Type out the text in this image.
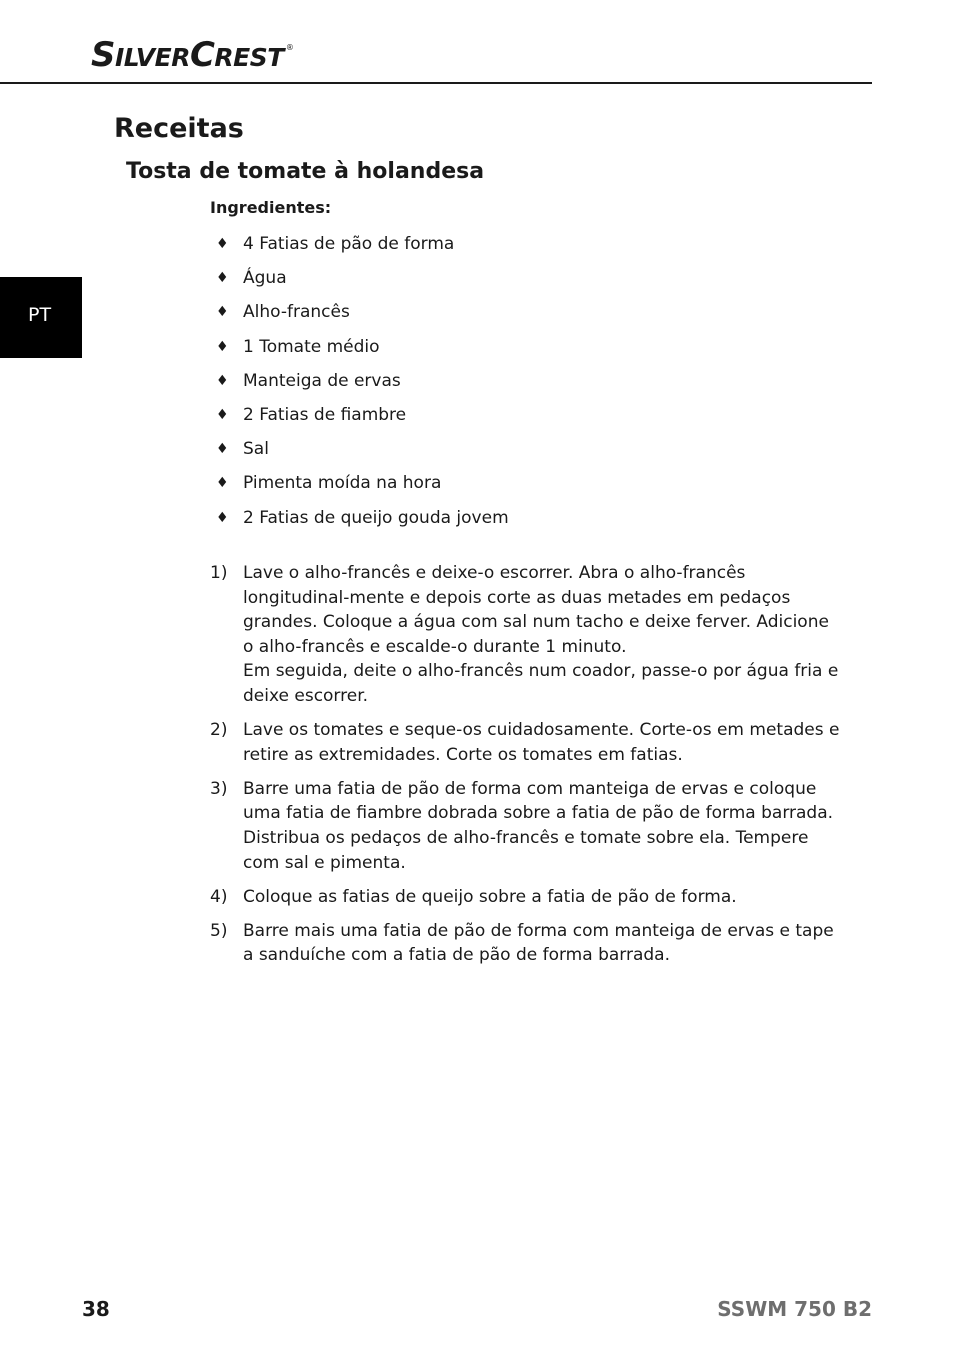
SILVERCREST ®
PT
Receitas
Tosta de tomate à holandesa
Ingredientes:
♦ 4 Fatias de pão de forma
♦ Água
♦ Alho-francês
♦ 1 Tomate médio
♦ Manteiga de ervas
♦ 2 Fatias de fiambre
♦ Sal
♦ Pimenta moída na hora
♦ 2 Fatias de queijo gouda jovem
1) Lave o alho-francês e deixe-o escorrer. Abra o alho-francês longitudinal-mente e depois corte as duas metades em pedaços grandes. Coloque a água com sal num tacho e deixe ferver. Adicione o alho-francês e escalde-o durante 1 minuto.
Em seguida, deite o alho-francês num coador, passe-o por água fria e deixe escorrer.
2) Lave os tomates e seque-os cuidadosamente. Corte-os em metades e retire as extremidades. Corte os tomates em fatias.
3) Barre uma fatia de pão de forma com manteiga de ervas e coloque uma fatia de fiambre dobrada sobre a fatia de pão de forma barrada. Distribua os pedaços de alho-francês e tomate sobre ela. Tempere com sal e pimenta.
4) Coloque as fatias de queijo sobre a fatia de pão de forma.
5) Barre mais uma fatia de pão de forma com manteiga de ervas e tape a sanduíche com a fatia de pão de forma barrada.
38	SSWM 750 B2
